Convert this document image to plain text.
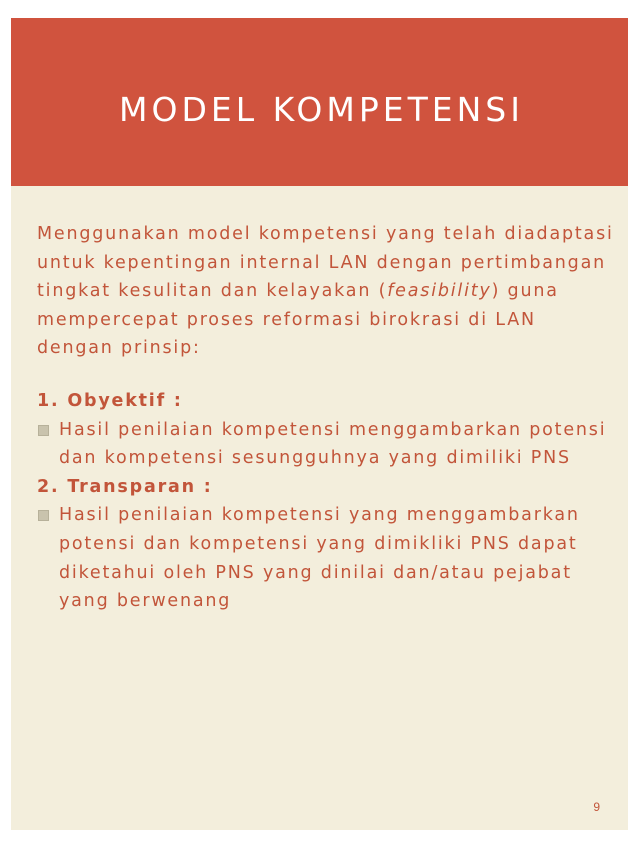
MODEL KOMPETENSI

Menggunakan model kompetensi yang telah diadaptasi untuk kepentingan internal LAN dengan pertimbangan tingkat kesulitan dan kelayakan (feasibility) guna mempercepat proses reformasi birokrasi di LAN dengan prinsip:

1. Obyektif :

Hasil penilaian kompetensi menggambarkan potensi dan kompetensi sesungguhnya yang dimiliki PNS

2. Transparan :

Hasil penilaian kompetensi yang menggambarkan potensi dan kompetensi yang dimikliki PNS dapat diketahui oleh PNS yang dinilai dan/atau pejabat yang berwenang

9
